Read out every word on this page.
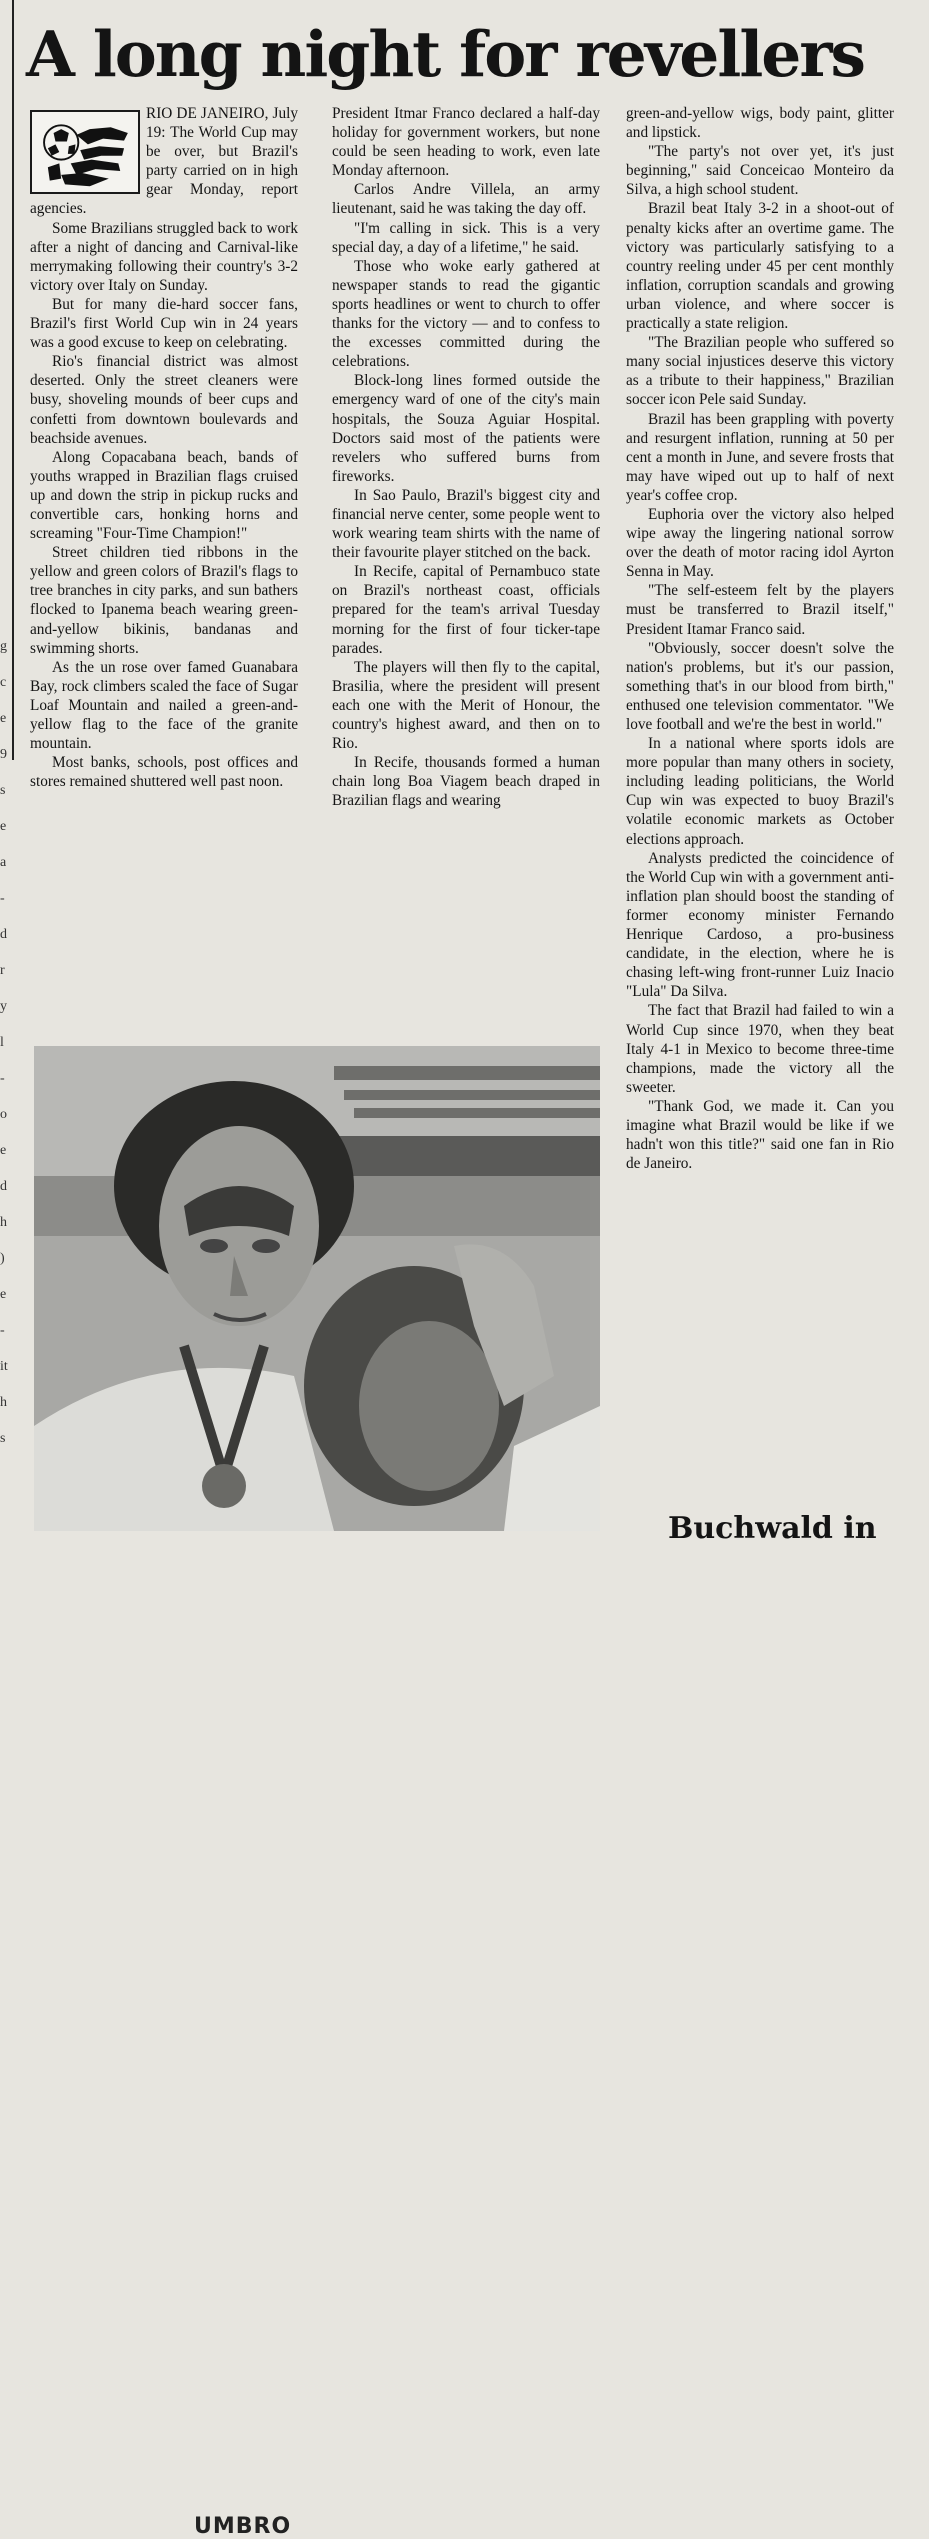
g
c
e
9
s
e
a
-
d
r
y
l
-
o
e
d
h
)
e
-
it
h
s
A long night for revellers

RIO DE JANEIRO, July 19: The World Cup may be over, but Brazil's party carried on in high gear Monday, report agencies.

Some Brazilians struggled back to work after a night of dancing and Carnival-like merrymaking following their country's 3-2 victory over Italy on Sunday.

But for many die-hard soccer fans, Brazil's first World Cup win in 24 years was a good excuse to keep on celebrating.

Rio's financial district was almost deserted. Only the street cleaners were busy, shoveling mounds of beer cups and confetti from downtown boulevards and beachside avenues.

Along Copacabana beach, bands of youths wrapped in Brazilian flags cruised up and down the strip in pickup rucks and convertible cars, honking horns and screaming "Four-Time Champion!"

Street children tied ribbons in the yellow and green colors of Brazil's flags to tree branches in city parks, and sun bathers flocked to Ipanema beach wearing green-and-yellow bikinis, bandanas and swimming shorts.

As the un rose over famed Guanabara Bay, rock climbers scaled the face of Sugar Loaf Mountain and nailed a green-and-yellow flag to the face of the granite mountain.

Most banks, schools, post offices and stores remained shuttered well past noon.

President Itmar Franco declared a half-day holiday for government workers, but none could be seen heading to work, even late Monday afternoon.

Carlos Andre Villela, an army lieutenant, said he was taking the day off.

"I'm calling in sick. This is a very special day, a day of a lifetime," he said.

Those who woke early gathered at newspaper stands to read the gigantic sports headlines or went to church to offer thanks for the victory — and to confess to the excesses committed during the celebrations.

Block-long lines formed outside the emergency ward of one of the city's main hospitals, the Souza Aguiar Hospital. Doctors said most of the patients were revelers who suffered burns from fireworks.

In Sao Paulo, Brazil's biggest city and financial nerve center, some people went to work wearing team shirts with the name of their favourite player stitched on the back.

In Recife, capital of Pernambuco state on Brazil's northeast coast, officials prepared for the team's arrival Tuesday morning for the first of four ticker-tape parades.

The players will then fly to the capital, Brasilia, where the president will present each one with the Merit of Honour, the country's highest award, and then on to Rio.

In Recife, thousands formed a human chain long Boa Viagem beach draped in Brazilian flags and wearing

green-and-yellow wigs, body paint, glitter and lipstick.

"The party's not over yet, it's just beginning," said Conceicao Monteiro da Silva, a high school student.

Brazil beat Italy 3-2 in a shoot-out of penalty kicks after an overtime game. The victory was particularly satisfying to a country reeling under 45 per cent monthly inflation, corruption scandals and growing urban violence, and where soccer is practically a state religion.

"The Brazilian people who suffered so many social injustices deserve this victory as a tribute to their happiness," Brazilian soccer icon Pele said Sunday.

Brazil has been grappling with poverty and resurgent inflation, running at 50 per cent a month in June, and severe frosts that may have wiped out up to half of next year's coffee crop.

Euphoria over the victory also helped wipe away the lingering national sorrow over the death of motor racing idol Ayrton Senna in May.

"The self-esteem felt by the players must be transferred to Brazil itself," President Itamar Franco said.

"Obviously, soccer doesn't solve the nation's problems, but it's our passion, something that's in our blood from birth," enthused one television commentator. "We love football and we're the best in world."

In a national where sports idols are more popular than many others in society, including leading politicians, the World Cup win was expected to buoy Brazil's volatile economic markets as October elections approach.

Analysts predicted the coincidence of the World Cup win with a government anti-inflation plan should boost the standing of former economy minister Fernando Henrique Cardoso, a pro-business candidate, in the election, where he is chasing left-wing front-runner Luiz Inacio "Lula" Da Silva.

The fact that Brazil had failed to win a World Cup since 1970, when they beat Italy 4-1 in Mexico to become three-time champions, made the victory all the sweeter.

"Thank God, we made it. Can you imagine what Brazil would be like if we hadn't won this title?" said one fan in Rio de Janeiro.

UMBRO
Buchwald in
